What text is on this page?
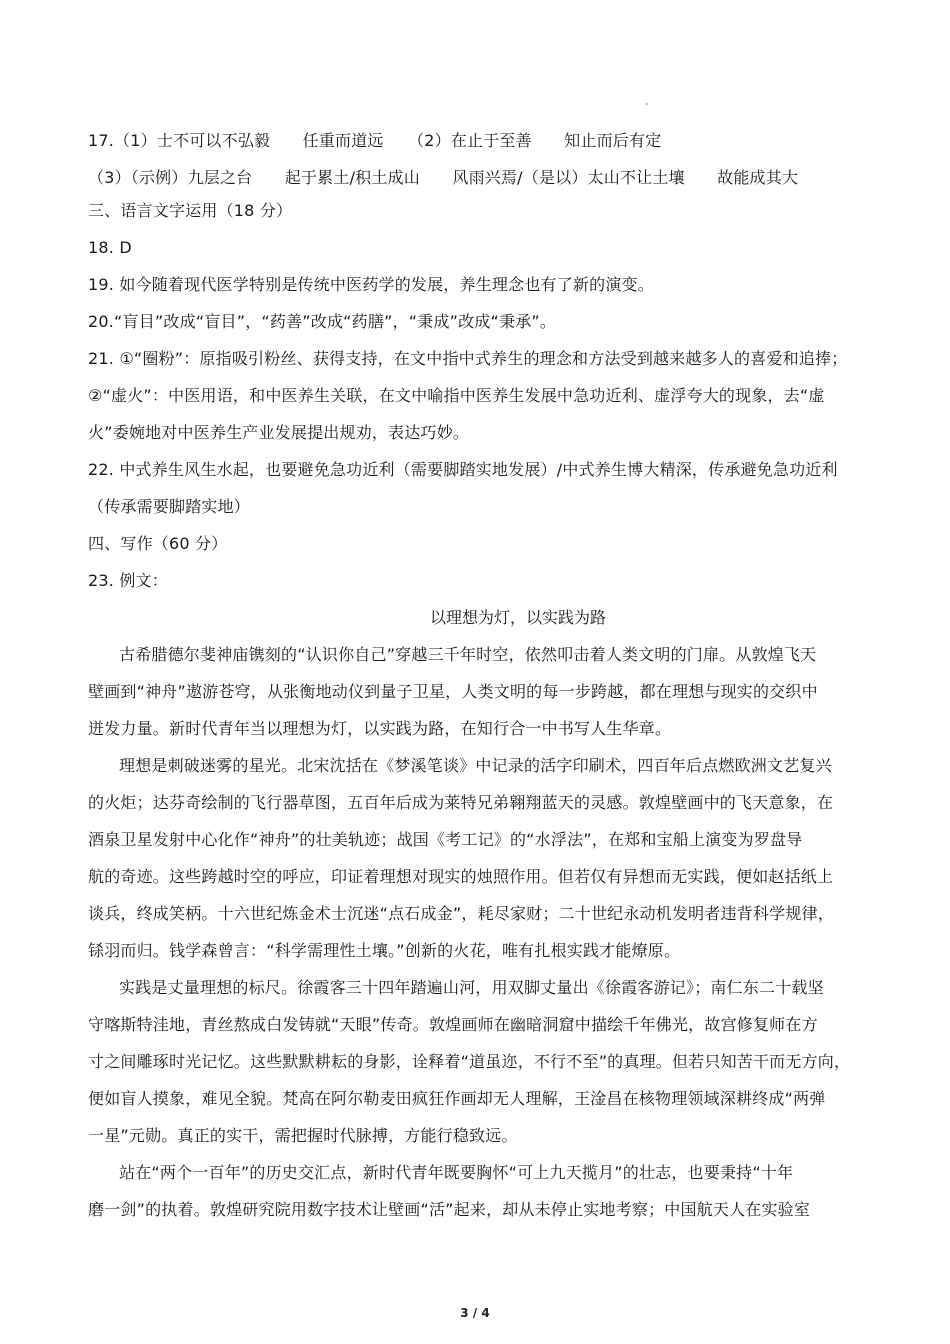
17.（1）士不可以不弘毅　　任重而道远　　（2）在止于至善　　知止而后有定
（3）（示例）九层之台　　起于累土/积土成山　　风雨兴焉/（是以）太山不让土壤　　故能成其大
三、语言文字运用（18 分）
18. D
19. 如今随着现代医学特别是传统中医药学的发展，养生理念也有了新的演变。
20.“肓目”改成“盲目”，“药善”改成“药膳”，“秉成”改成“秉承”。
21. ①“圈粉”：原指吸引粉丝、获得支持，在文中指中式养生的理念和方法受到越来越多人的喜爱和追捧；
②“虚火”：中医用语，和中医养生关联，在文中喻指中医养生发展中急功近利、虚浮夸大的现象，去“虚
火”委婉地对中医养生产业发展提出规劝，表达巧妙。
22. 中式养生风生水起，也要避免急功近利（需要脚踏实地发展）/中式养生博大精深，传承避免急功近利
（传承需要脚踏实地）
四、写作（60 分）
23. 例文：
以理想为灯，以实践为路
古希腊德尔斐神庙镌刻的“认识你自己”穿越三千年时空，依然叩击着人类文明的门扉。从敦煌飞天
壁画到“神舟”遨游苍穹，从张衡地动仪到量子卫星，人类文明的每一步跨越，都在理想与现实的交织中
迸发力量。新时代青年当以理想为灯，以实践为路，在知行合一中书写人生华章。
理想是刺破迷雾的星光。北宋沈括在《梦溪笔谈》中记录的活字印刷术，四百年后点燃欧洲文艺复兴
的火炬；达芬奇绘制的飞行器草图，五百年后成为莱特兄弟翱翔蓝天的灵感。敦煌壁画中的飞天意象，在
酒泉卫星发射中心化作“神舟”的壮美轨迹；战国《考工记》的“水浮法”，在郑和宝船上演变为罗盘导
航的奇迹。这些跨越时空的呼应，印证着理想对现实的烛照作用。但若仅有异想而无实践，便如赵括纸上
谈兵，终成笑柄。十六世纪炼金术士沉迷“点石成金”，耗尽家财；二十世纪永动机发明者违背科学规律，
铩羽而归。钱学森曾言：“科学需理性土壤。”创新的火花，唯有扎根实践才能燎原。
实践是丈量理想的标尺。徐霞客三十四年踏遍山河，用双脚丈量出《徐霞客游记》；南仁东二十载坚
守喀斯特洼地，青丝熬成白发铸就“天眼”传奇。敦煌画师在幽暗洞窟中描绘千年佛光，故宫修复师在方
寸之间雕琢时光记忆。这些默默耕耘的身影，诠释着“道虽迩，不行不至”的真理。但若只知苦干而无方向，
便如盲人摸象，难见全貌。梵高在阿尔勒麦田疯狂作画却无人理解，王淦昌在核物理领域深耕终成“两弹
一星”元勋。真正的实干，需把握时代脉搏，方能行稳致远。
站在“两个一百年”的历史交汇点，新时代青年既要胸怀“可上九天揽月”的壮志，也要秉持“十年
磨一剑”的执着。敦煌研究院用数字技术让壁画“活”起来，却从未停止实地考察；中国航天人在实验室
3 / 4
